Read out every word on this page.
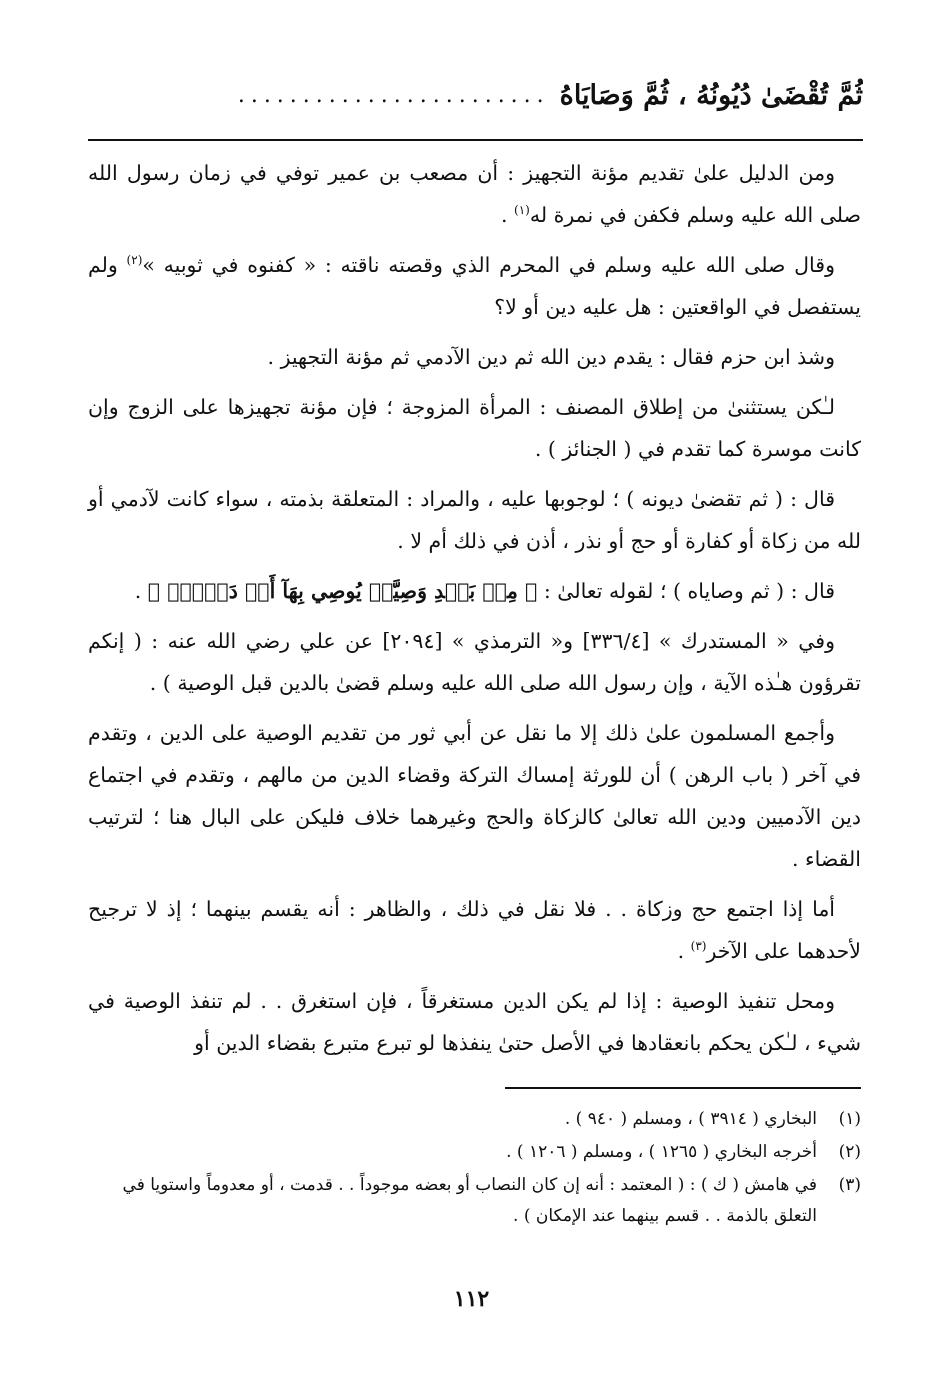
ثُمَّ تُقْضَىٰ دُيُونُهُ ، ثُمَّ وَصَايَاهُ
........................

ومن الدليل علىٰ تقديم مؤنة التجهيز : أن مصعب بن عمير توفي في زمان رسول الله صلى الله عليه وسلم فكفن في نمرة له$^{(١)}$ .

وقال صلى الله عليه وسلم في المحرم الذي وقصته ناقته : « كفنوه في ثوبيه »$^{(٢)}$ ولم يستفصل في الواقعتين : هل عليه دين أو لا؟

وشذ ابن حزم فقال : يقدم دين الله ثم دين الآدمي ثم مؤنة التجهيز .

لـٰكن يستثنىٰ من إطلاق المصنف : المرأة المزوجة ؛ فإن مؤنة تجهيزها على الزوج وإن كانت موسرة كما تقدم في ( الجنائز ) .

قال : ( ثم تقضىٰ ديونه ) ؛ لوجوبها عليه ، والمراد : المتعلقة بذمته ، سواء كانت لآدمي أو لله من زكاة أو كفارة أو حج أو نذر ، أذن في ذلك أم لا .

قال : ( ثم وصاياه ) ؛ لقوله تعالىٰ : ﴿ مِنۢ بَعۡدِ وَصِيَّةٖ يُوصِي بِهَآ أَوۡ دَيۡنٍۗ ﴾ .

وفي « المستدرك » [٣٣٦/٤] و« الترمذي » [٢٠٩٤] عن علي رضي الله عنه : ( إنكم تقرؤون هـٰذه الآية ، وإن رسول الله صلى الله عليه وسلم قضىٰ بالدين قبل الوصية ) .

وأجمع المسلمون علىٰ ذلك إلا ما نقل عن أبي ثور من تقديم الوصية على الدين ، وتقدم في آخر ( باب الرهن ) أن للورثة إمساك التركة وقضاء الدين من مالهم ، وتقدم في اجتماع دين الآدميين ودين الله تعالىٰ كالزكاة والحج وغيرهما خلاف فليكن على البال هنا ؛ لترتيب القضاء .

أما إذا اجتمع حج وزكاة . . فلا نقل في ذلك ، والظاهر : أنه يقسم بينهما ؛ إذ لا ترجيح لأحدهما على الآخر$^{(٣)}$ .

ومحل تنفيذ الوصية : إذا لم يكن الدين مستغرقاً ، فإن استغرق . . لم تنفذ الوصية في شيء ، لـٰكن يحكم بانعقادها في الأصل حتىٰ ينفذها لو تبرع متبرع بقضاء الدين أو

(١)
البخاري ( ٣٩١٤ ) ، ومسلم ( ٩٤٠ ) .
(٢)
أخرجه البخاري ( ١٢٦٥ ) ، ومسلم ( ١٢٠٦ ) .
(٣)
في هامش ( ك ) : ( المعتمد : أنه إن كان النصاب أو بعضه موجوداً . . قدمت ، أو معدوماً واستويا في التعلق بالذمة . . قسم بينهما عند الإمكان ) .
١١٢
